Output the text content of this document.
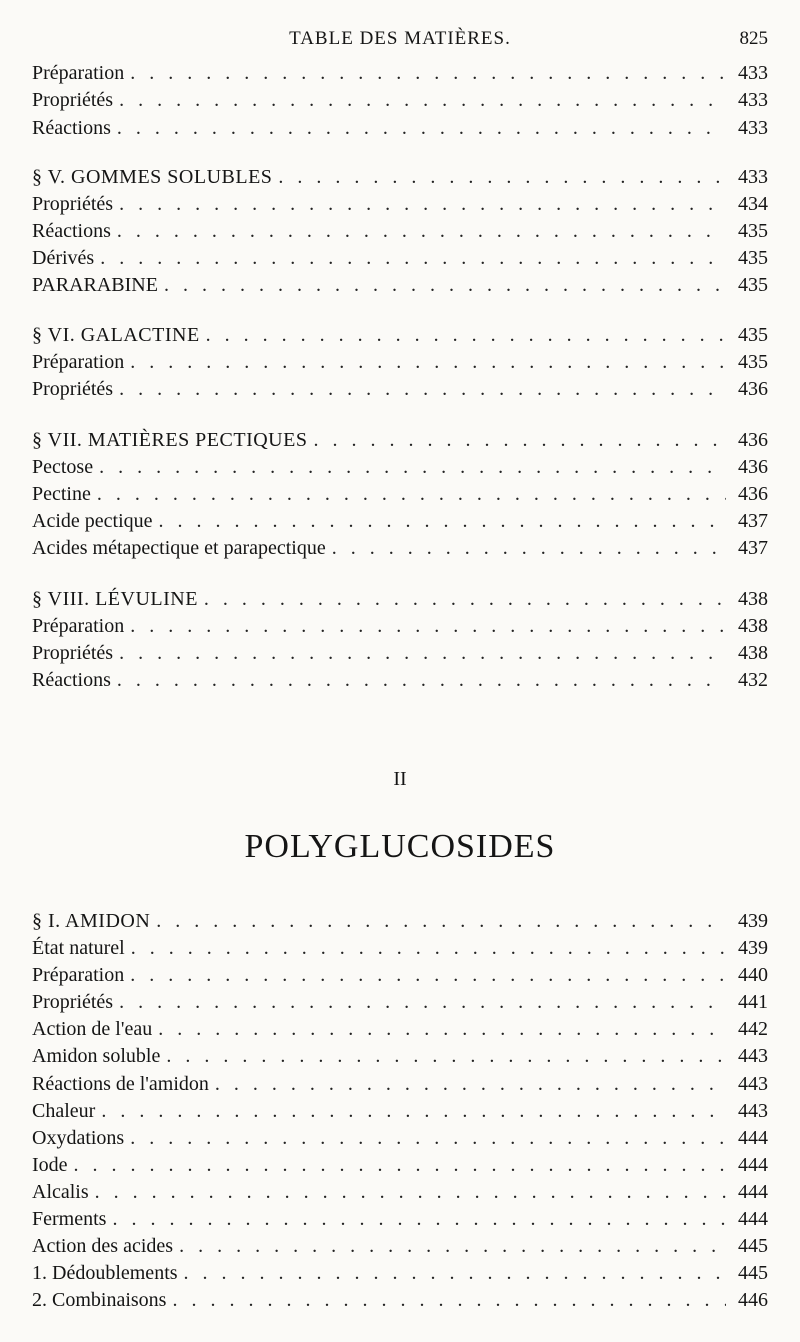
TABLE DES MATIÈRES.	825
Préparation . . .	433
Propriétés . . .	433
Réactions . . .	433
§ V. GOMMES SOLUBLES . . .	433
Propriétés . . .	434
Réactions . . .	435
Dérivés . . .	435
PARARABINE . . .	435
§ VI. GALACTINE . . .	435
Préparation . . .	435
Propriétés . . .	436
§ VII. MATIÈRES PECTIQUES . . .	436
Pectose . . .	436
Pectine . . .	436
Acide pectique . . .	437
Acides métapectique et parapectique . . .	437
§ VIII. LÉVULINE . . .	438
Préparation . . .	438
Propriétés . . .	438
Réactions . . .	432
II
POLYGLUCOSIDES
§ I. AMIDON . . .	439
État naturel . . .	439
Préparation . . .	440
Propriétés . . .	441
Action de l'eau . . .	442
Amidon soluble . . .	443
Réactions de l'amidon . . .	443
Chaleur . . .	443
Oxydations . . .	444
Iode . . .	444
Alcalis . . .	444
Ferments . . .	444
Action des acides . . .	445
1. Dédoublements . . .	445
2. Combinaisons . . .	446
